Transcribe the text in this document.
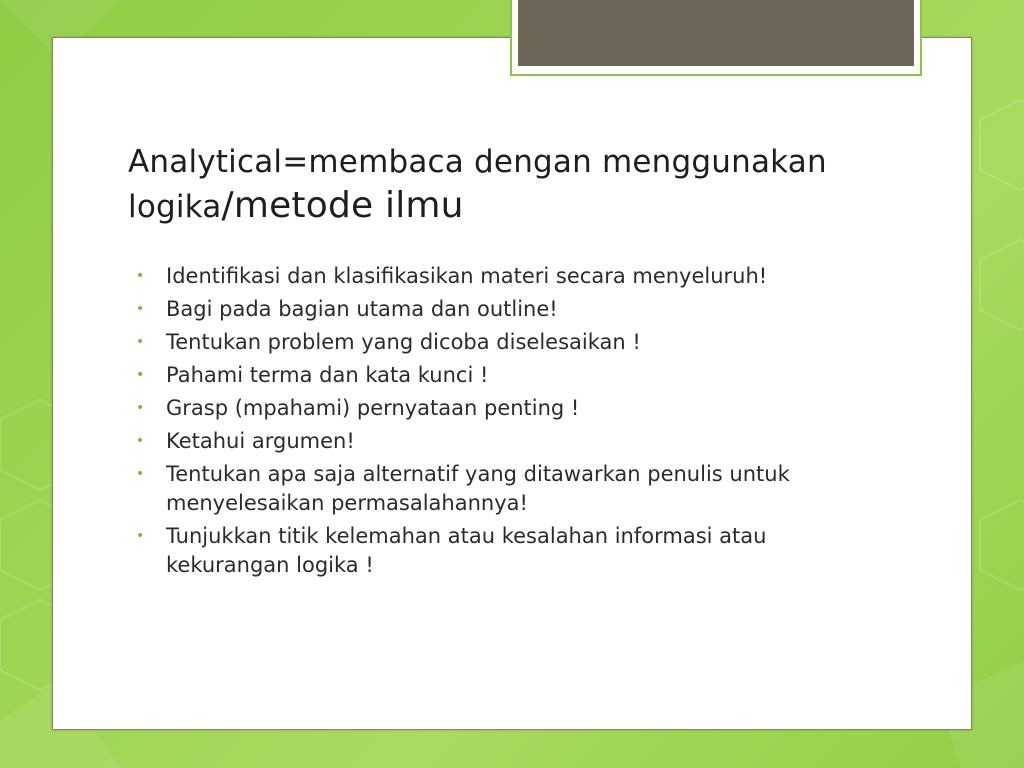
Analytical=membaca dengan menggunakan logika/metode ilmu
• Identifikasi dan klasifikasikan materi secara menyeluruh!
• Bagi pada bagian utama dan outline!
• Tentukan problem yang dicoba diselesaikan !
• Pahami terma dan kata kunci !
• Grasp (mpahami) pernyataan penting !
• Ketahui argumen!
• Tentukan apa saja alternatif yang ditawarkan penulis untuk menyelesaikan permasalahannya!
• Tunjukkan titik kelemahan atau kesalahan informasi atau kekurangan logika !
